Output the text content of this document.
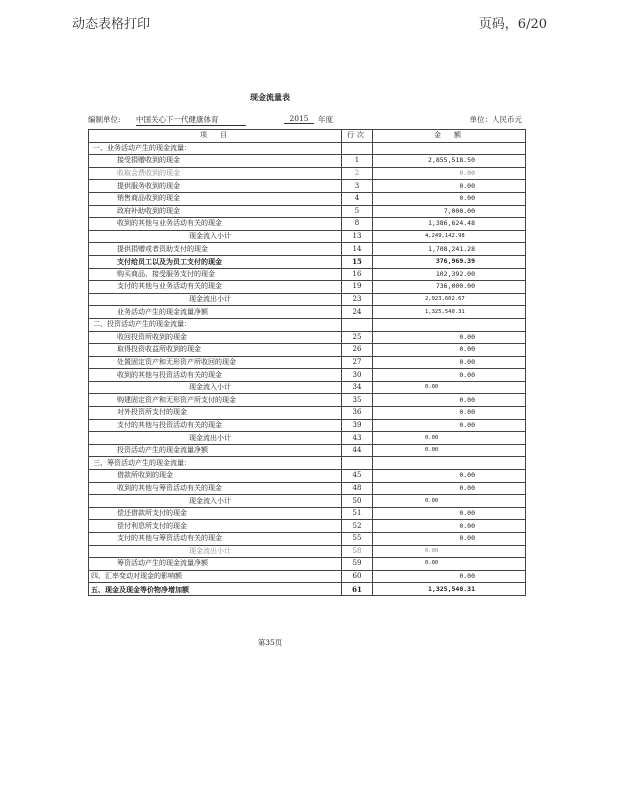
动态表格打印	页码，6/20
现金流量表
编制单位: 中国关心下一代健康体育	2015	年度	单位：人民币元
项　目	行次	金　额
一、业务活动产生的现金流量：		
接受捐赠收到的现金	1	2,855,518.50
收取会费收到的现金	2	0.00
提供服务收到的现金	3	0.00
销售商品收到的现金	4	0.00
政府补助收到的现金	5	7,000.00
收到的其他与业务活动有关的现金	8	1,386,624.48
现金流入小计	13	4,249,142.98
提供捐赠或者资助支付的现金	14	1,708,241.28
支付给员工以及为员工支付的现金	15	376,969.39
购买商品、接受服务支付的现金	16	102,392.00
支付的其他与业务活动有关的现金	19	736,000.00
现金流出小计	23	2,923,602.67
业务活动产生的现金流量净额	24	1,325,540.31
二、投资活动产生的现金流量：		
收回投资所收到的现金	25	0.00
取得投资收益所收到的现金	26	0.00
处置固定资产和无形资产所收回的现金	27	0.00
收到的其他与投资活动有关的现金	30	0.00
现金流入小计	34	0.00
购建固定资产和无形资产所支付的现金	35	0.00
对外投资所支付的现金	36	0.00
支付的其他与投资活动有关的现金	39	0.00
现金流出小计	43	0.00
投资活动产生的现金流量净额	44	0.00
三、筹资活动产生的现金流量：		
借款所收到的现金	45	0.00
收到的其他与筹资活动有关的现金	48	0.00
现金流入小计	50	0.00
偿还借款所支付的现金	51	0.00
偿付利息所支付的现金	52	0.00
支付的其他与筹资活动有关的现金	55	0.00
现金流出小计	58	0.00
筹资活动产生的现金流量净额	59	0.00
四、汇率变动对现金的影响额	60	0.00
五、现金及现金等价物净增加额	61	1,325,540.31
第35页
